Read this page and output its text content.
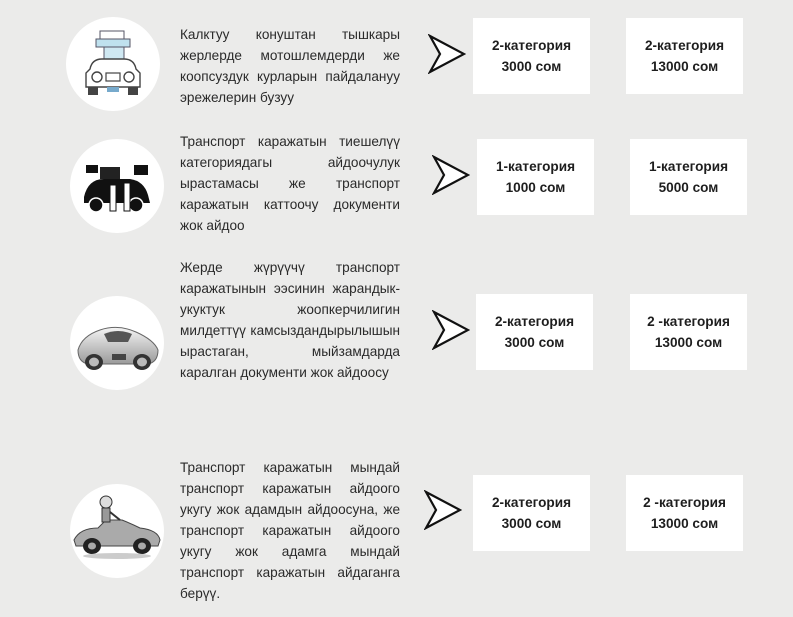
Калктуу конуштан тышкары жерлерде мотошлемдерди же коопсуздук курларын пайдалануу эрежелерин бузуу

2-категория
3000 сом
2-категория
13000 сом

Транспорт каражатын тиешелүү категориядагы айдоочулук ырастамасы же транспорт каражатын каттоочу документи жок айдоо

1-категория
1000 сом
1-категория
5000 сом

Жерде жүрүүчү транспорт каражатынын ээсинин жарандык-укуктук жоопкерчилигин милдеттүү камсыздандырылышын ырастаган, мыйзамдарда каралган документи жок айдоосу

2-категория
3000 сом
2 -категория
13000 сом

Транспорт каражатын мындай транспорт каражатын айдоого укугу жок адамдын айдоосуна, же транспорт каражатын айдоого укугу жок адамга мындай транспорт каражатын айдаганга берүү.

2-категория
3000 сом
2 -категория
13000 сом
